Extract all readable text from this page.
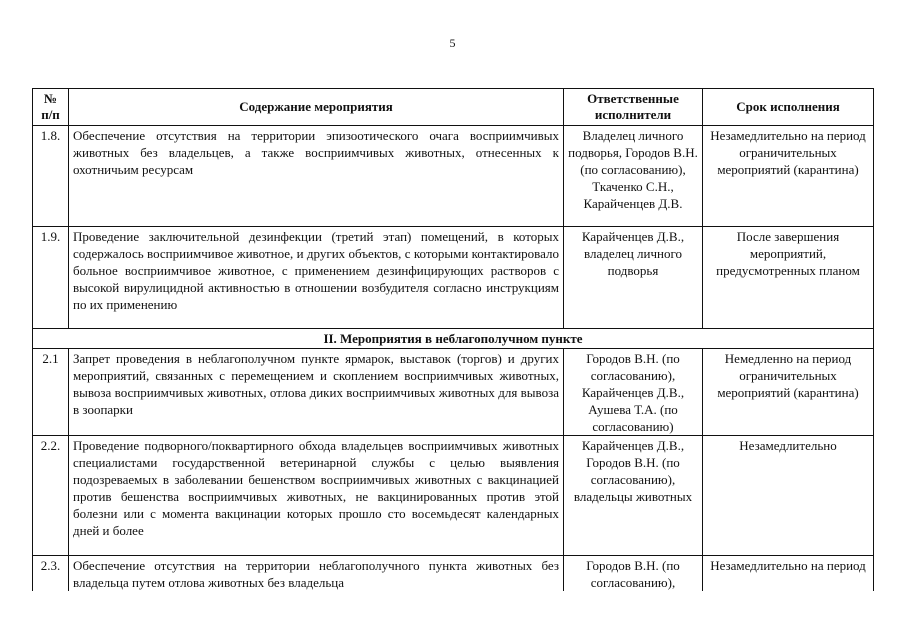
5
№ п/п	Содержание мероприятия	Ответственные исполнители	Срок исполнения
1.8.	Обеспечение отсутствия на территории эпизоотического очага восприимчивых животных без владельцев, а также восприимчивых животных, отнесенных к охотничьим ресурсам	Владелец личного подворья, Городов В.Н. (по согласованию), Ткаченко С.Н., Карайченцев Д.В.	Незамедлительно на период ограничительных мероприятий (карантина)
1.9.	Проведение заключительной дезинфекции (третий этап) помещений, в которых содержалось восприимчивое животное, и других объектов, с которыми контактировало больное восприимчивое животное, с применением дезинфицирующих растворов с высокой вирулицидной активностью в отношении возбудителя согласно инструкциям по их применению	Карайченцев Д.В., владелец личного подворья	После завершения мероприятий, предусмотренных планом
II. Мероприятия в неблагополучном пункте			
2.1	Запрет проведения в неблагополучном пункте ярмарок, выставок (торгов) и других мероприятий, связанных с перемещением и скоплением восприимчивых животных, вывоза восприимчивых животных, отлова диких восприимчивых животных для вывоза в зоопарки	Городов В.Н. (по согласованию), Карайченцев Д.В., Аушева Т.А. (по согласованию)	Немедленно на период ограничительных мероприятий (карантина)
2.2.	Проведение подворного/поквартирного обхода владельцев восприимчивых животных специалистами государственной ветеринарной службы с целью выявления подозреваемых в заболевании бешенством восприимчивых животных с вакцинацией против бешенства восприимчивых животных, не вакцинированных против этой болезни или с момента вакцинации которых прошло сто восемьдесят календарных дней и более	Карайченцев Д.В., Городов В.Н. (по согласованию), владельцы животных	Незамедлительно
2.3.	Обеспечение отсутствия на территории неблагополучного пункта животных без владельца путем отлова животных без владельца	Городов В.Н. (по согласованию),	Незамедлительно на период
